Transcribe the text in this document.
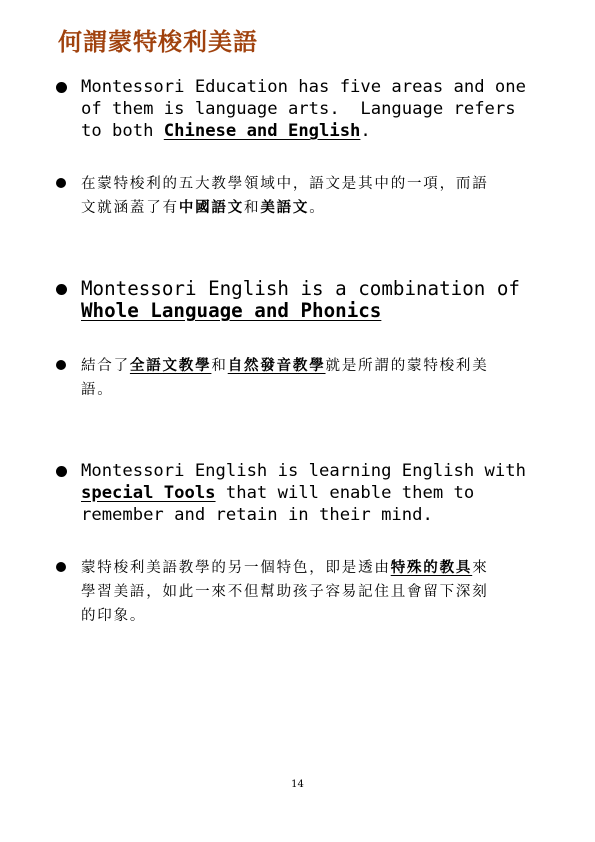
何謂蒙特梭利美語
Montessori Education has five areas and one
of them is language arts.  Language refers
to both Chinese and English.
在蒙特梭利的五大教學領域中，語文是其中的一項，而語
文就涵蓋了有中國語文和美語文。
Montessori English is a combination of
Whole Language and Phonics
結合了全語文教學和自然發音教學就是所謂的蒙特梭利美
語。
Montessori English is learning English with
special Tools that will enable them to
remember and retain in their mind.
蒙特梭利美語教學的另一個特色，即是透由特殊的教具來
學習美語，如此一來不但幫助孩子容易記住且會留下深刻
的印象。
14
